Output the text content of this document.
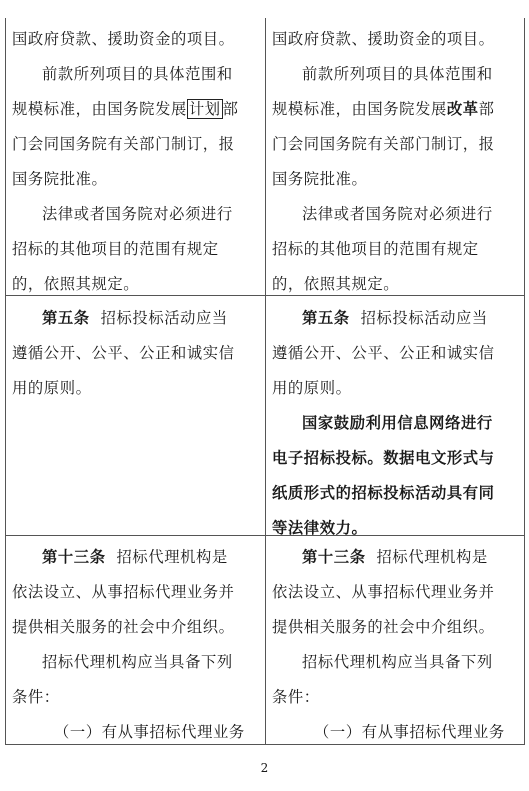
国政府贷款、援助资金的项目。
前款所列项目的具体范围和
规模标准，由国务院发展 计划 部
门会同国务院有关部门制订，报
国务院批准。
法律或者国务院对必须进行
招标的其他项目的范围有规定
的，依照其规定。
国政府贷款、援助资金的项目。
前款所列项目的具体范围和
规模标准，由国务院发展改革部
门会同国务院有关部门制订，报
国务院批准。
法律或者国务院对必须进行
招标的其他项目的范围有规定
的，依照其规定。
第五条 招标投标活动应当
遵循公开、公平、公正和诚实信
用的原则。
第五条 招标投标活动应当
遵循公开、公平、公正和诚实信
用的原则。
国家鼓励利用信息网络进行
电子招标投标。数据电文形式与
纸质形式的招标投标活动具有同
等法律效力。
第十三条 招标代理机构是
依法设立、从事招标代理业务并
提供相关服务的社会中介组织。
招标代理机构应当具备下列
条件：
（一）有从事招标代理业务
第十三条 招标代理机构是
依法设立、从事招标代理业务并
提供相关服务的社会中介组织。
招标代理机构应当具备下列
条件：
（一）有从事招标代理业务
2
